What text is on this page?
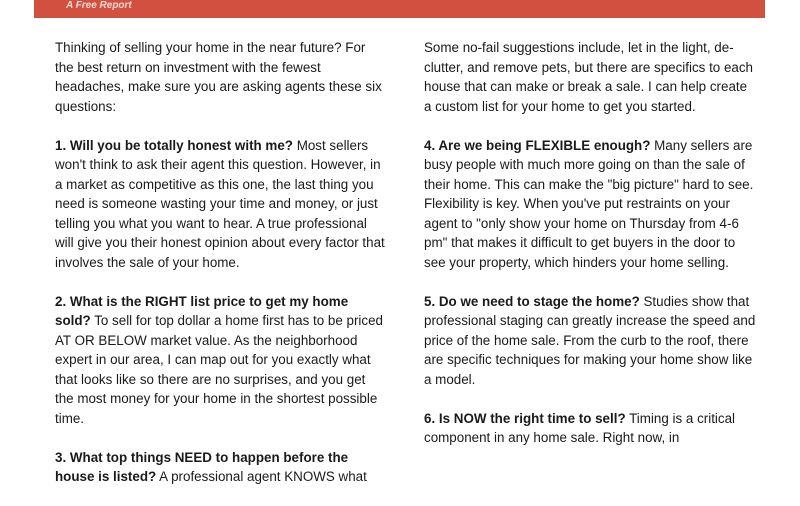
A Free Report

Thinking of selling your home in the near future? For the best return on investment with the fewest headaches, make sure you are asking agents these six questions:

1. Will you be totally honest with me? Most sellers won't think to ask their agent this question. However, in a market as competitive as this one, the last thing you need is someone wasting your time and money, or just telling you what you want to hear. A true professional will give you their honest opinion about every factor that involves the sale of your home.

2. What is the RIGHT list price to get my home sold? To sell for top dollar a home first has to be priced AT OR BELOW market value. As the neighborhood expert in our area, I can map out for you exactly what that looks like so there are no surprises, and you get the most money for your home in the shortest possible time.

3. What top things NEED to happen before the house is listed? A professional agent KNOWS what

Some no-fail suggestions include, let in the light, de-clutter, and remove pets, but there are specifics to each house that can make or break a sale. I can help create a custom list for your home to get you started.

4. Are we being FLEXIBLE enough? Many sellers are busy people with much more going on than the sale of their home. This can make the "big picture" hard to see. Flexibility is key. When you've put restraints on your agent to "only show your home on Thursday from 4-6 pm" that makes it difficult to get buyers in the door to see your property, which hinders your home selling.

5. Do we need to stage the home? Studies show that professional staging can greatly increase the speed and price of the home sale. From the curb to the roof, there are specific techniques for making your home show like a model.

6. Is NOW the right time to sell? Timing is a critical component in any home sale. Right now, in
